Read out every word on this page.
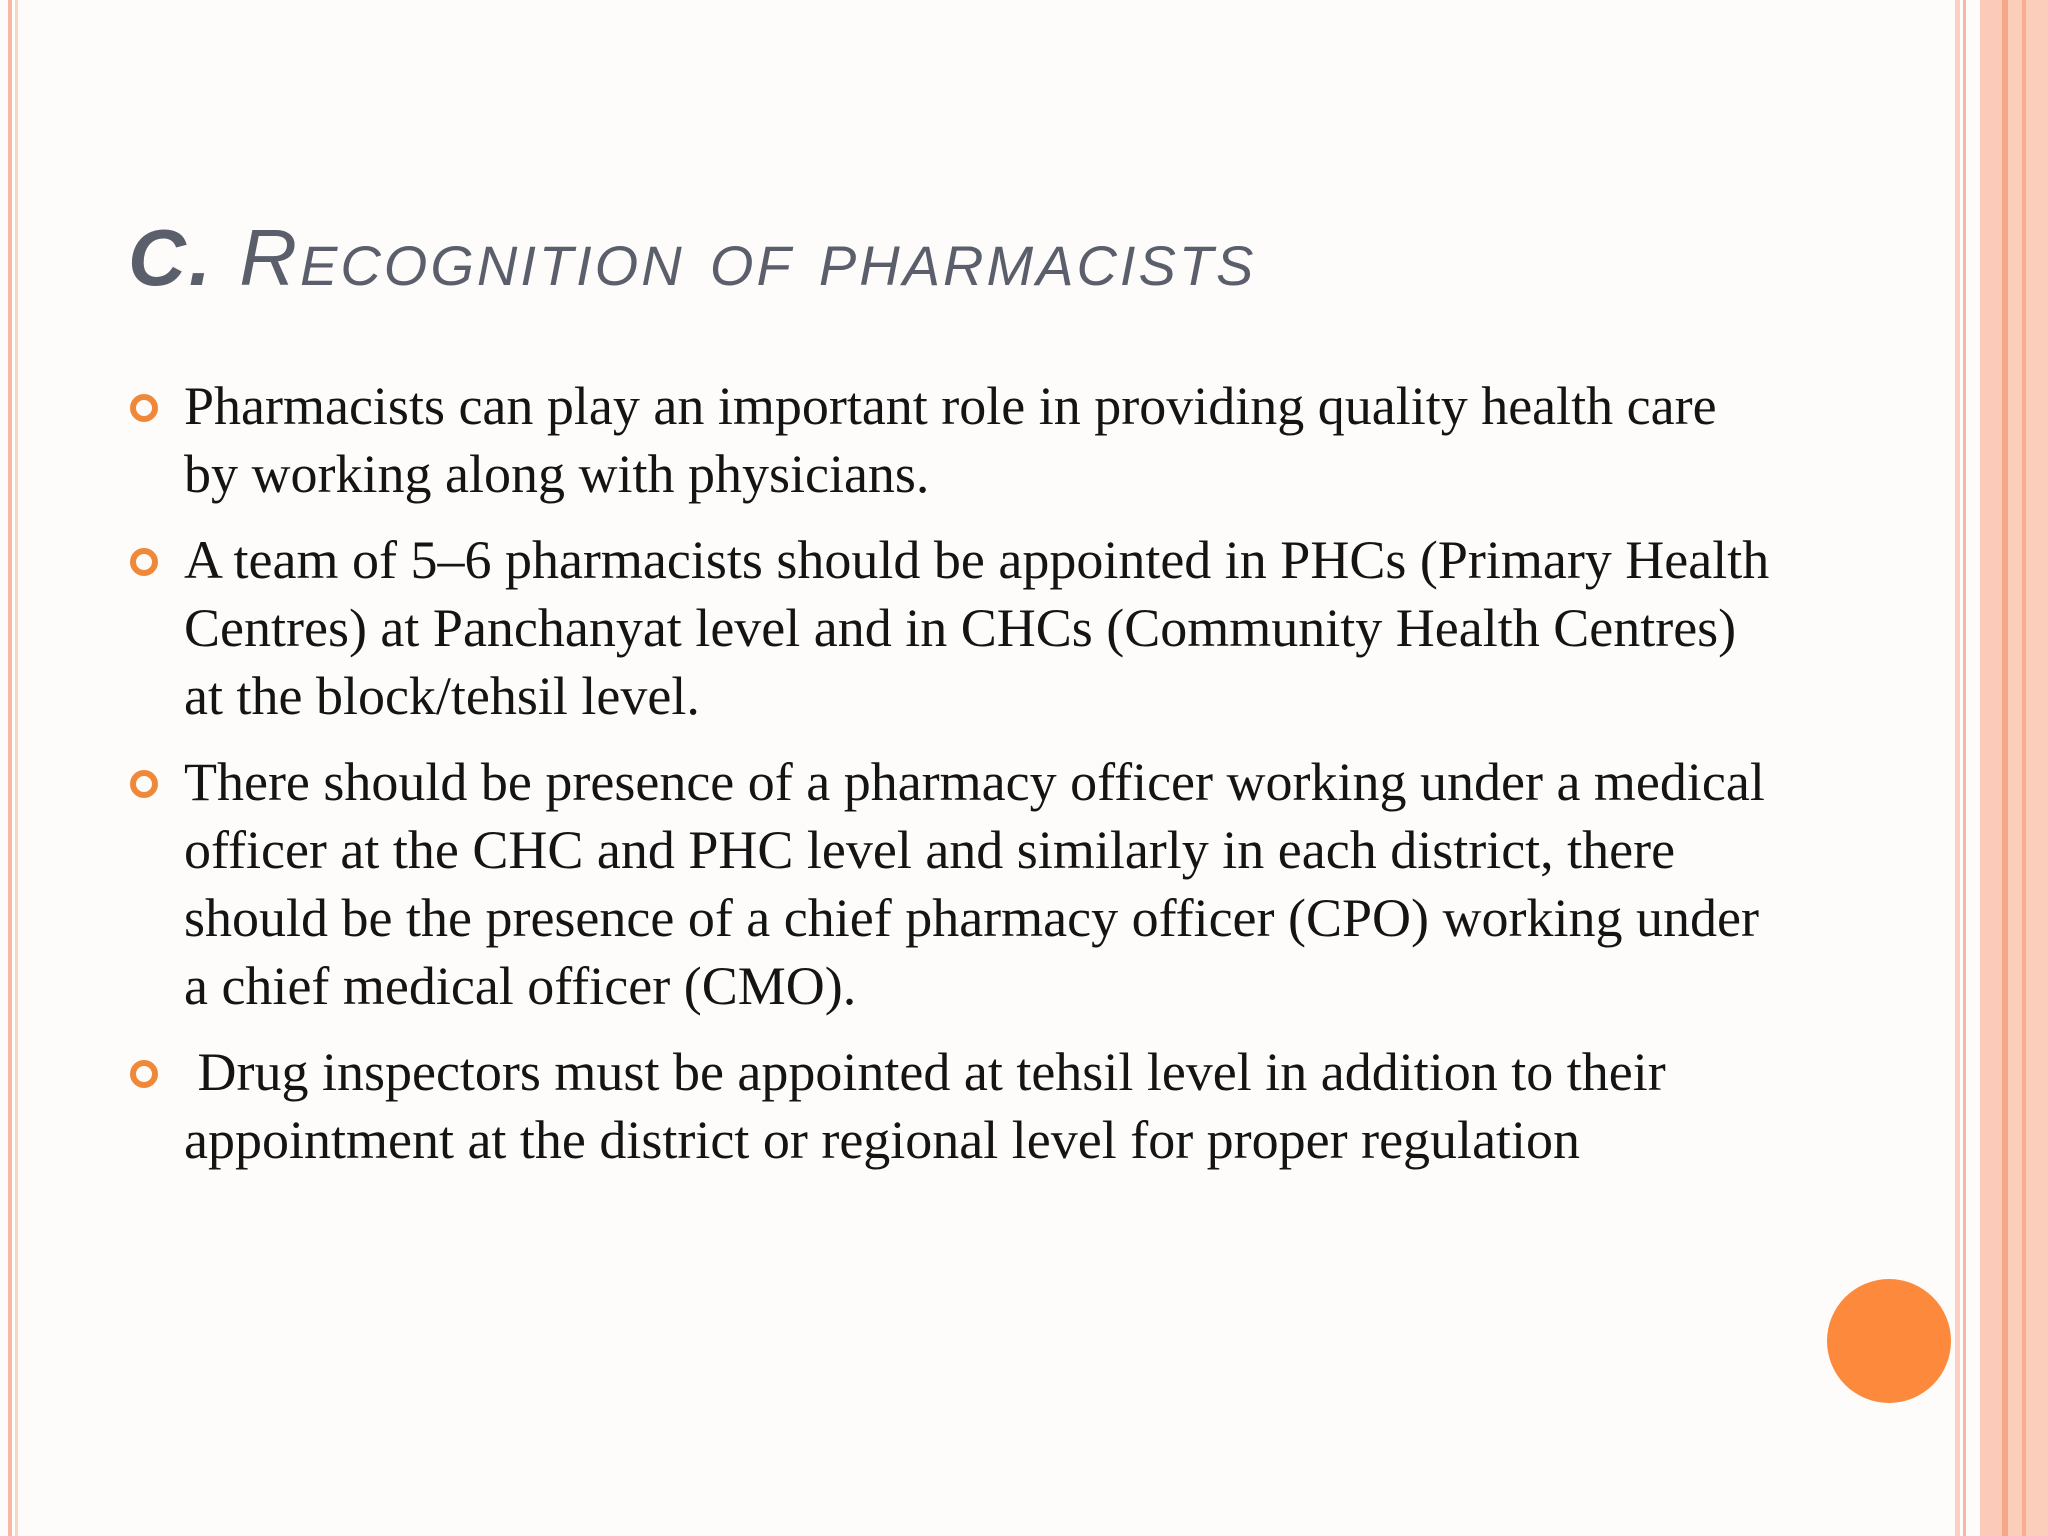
C. Recognition of pharmacists
Pharmacists can play an important role in providing quality health care by working along with physicians.
A team of 5–6 pharmacists should be appointed in PHCs (Primary Health Centres) at Panchanyat level and in CHCs (Community Health Centres) at the block/tehsil level.
There should be presence of a pharmacy officer working under a medical officer at the CHC and PHC level and similarly in each district, there should be the presence of a chief pharmacy officer (CPO) working under a chief medical officer (CMO).
Drug inspectors must be appointed at tehsil level in addition to their appointment at the district or regional level for proper regulation
